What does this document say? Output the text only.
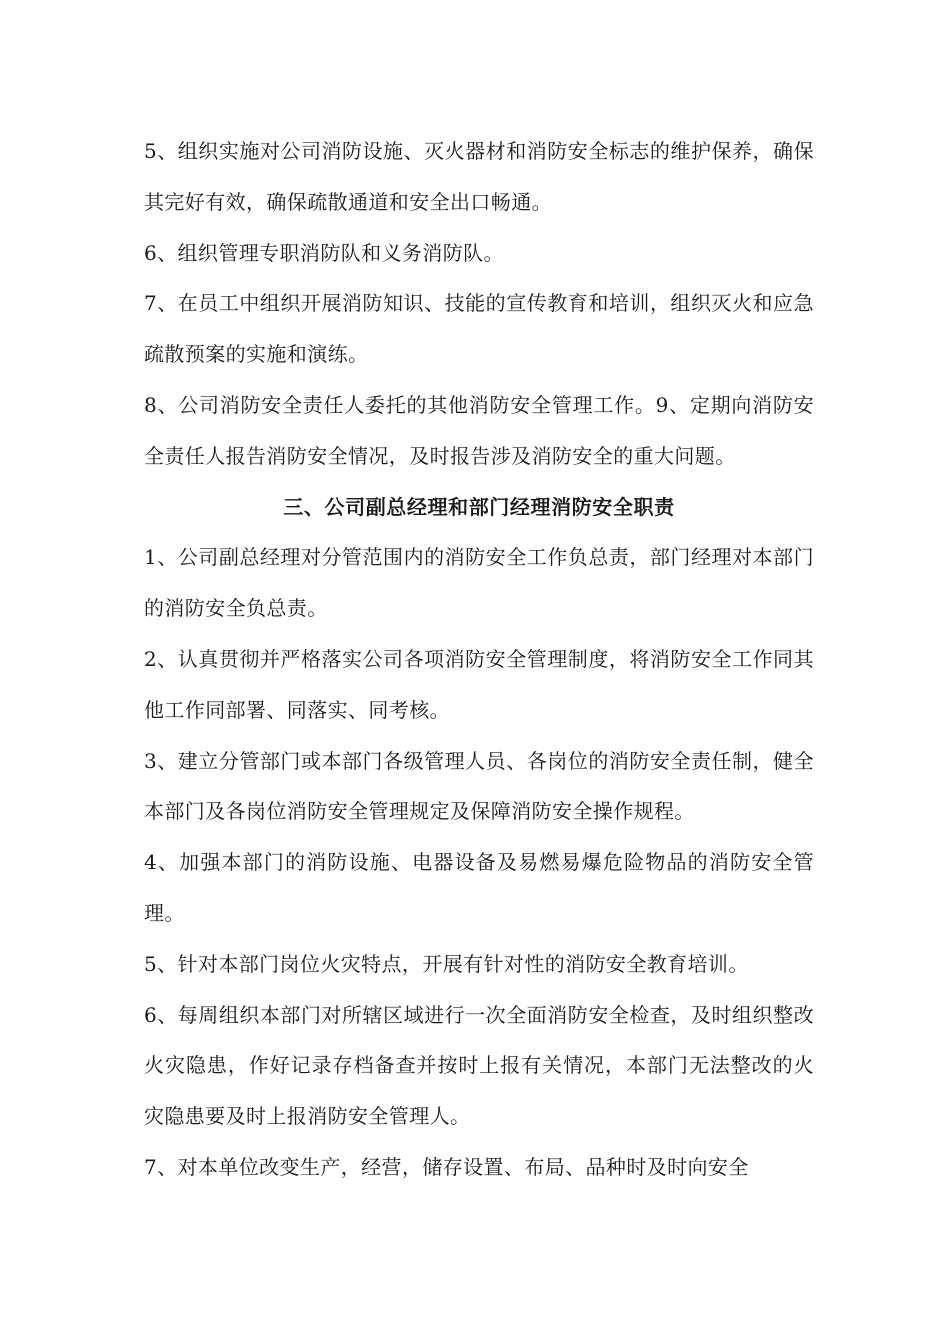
5、组织实施对公司消防设施、灭火器材和消防安全标志的维护保养，确保其完好有效，确保疏散通道和安全出口畅通。

6、组织管理专职消防队和义务消防队。

7、在员工中组织开展消防知识、技能的宣传教育和培训，组织灭火和应急疏散预案的实施和演练。

8、公司消防安全责任人委托的其他消防安全管理工作。9、定期向消防安全责任人报告消防安全情况，及时报告涉及消防安全的重大问题。

三、公司副总经理和部门经理消防安全职责

1、公司副总经理对分管范围内的消防安全工作负总责，部门经理对本部门的消防安全负总责。

2、认真贯彻并严格落实公司各项消防安全管理制度，将消防安全工作同其他工作同部署、同落实、同考核。

3、建立分管部门或本部门各级管理人员、各岗位的消防安全责任制，健全本部门及各岗位消防安全管理规定及保障消防安全操作规程。

4、加强本部门的消防设施、电器设备及易燃易爆危险物品的消防安全管理。

5、针对本部门岗位火灾特点，开展有针对性的消防安全教育培训。

6、每周组织本部门对所辖区域进行一次全面消防安全检查，及时组织整改火灾隐患，作好记录存档备查并按时上报有关情况，本部门无法整改的火灾隐患要及时上报消防安全管理人。

7、对本单位改变生产，经营，储存设置、布局、品种时及时向安全
